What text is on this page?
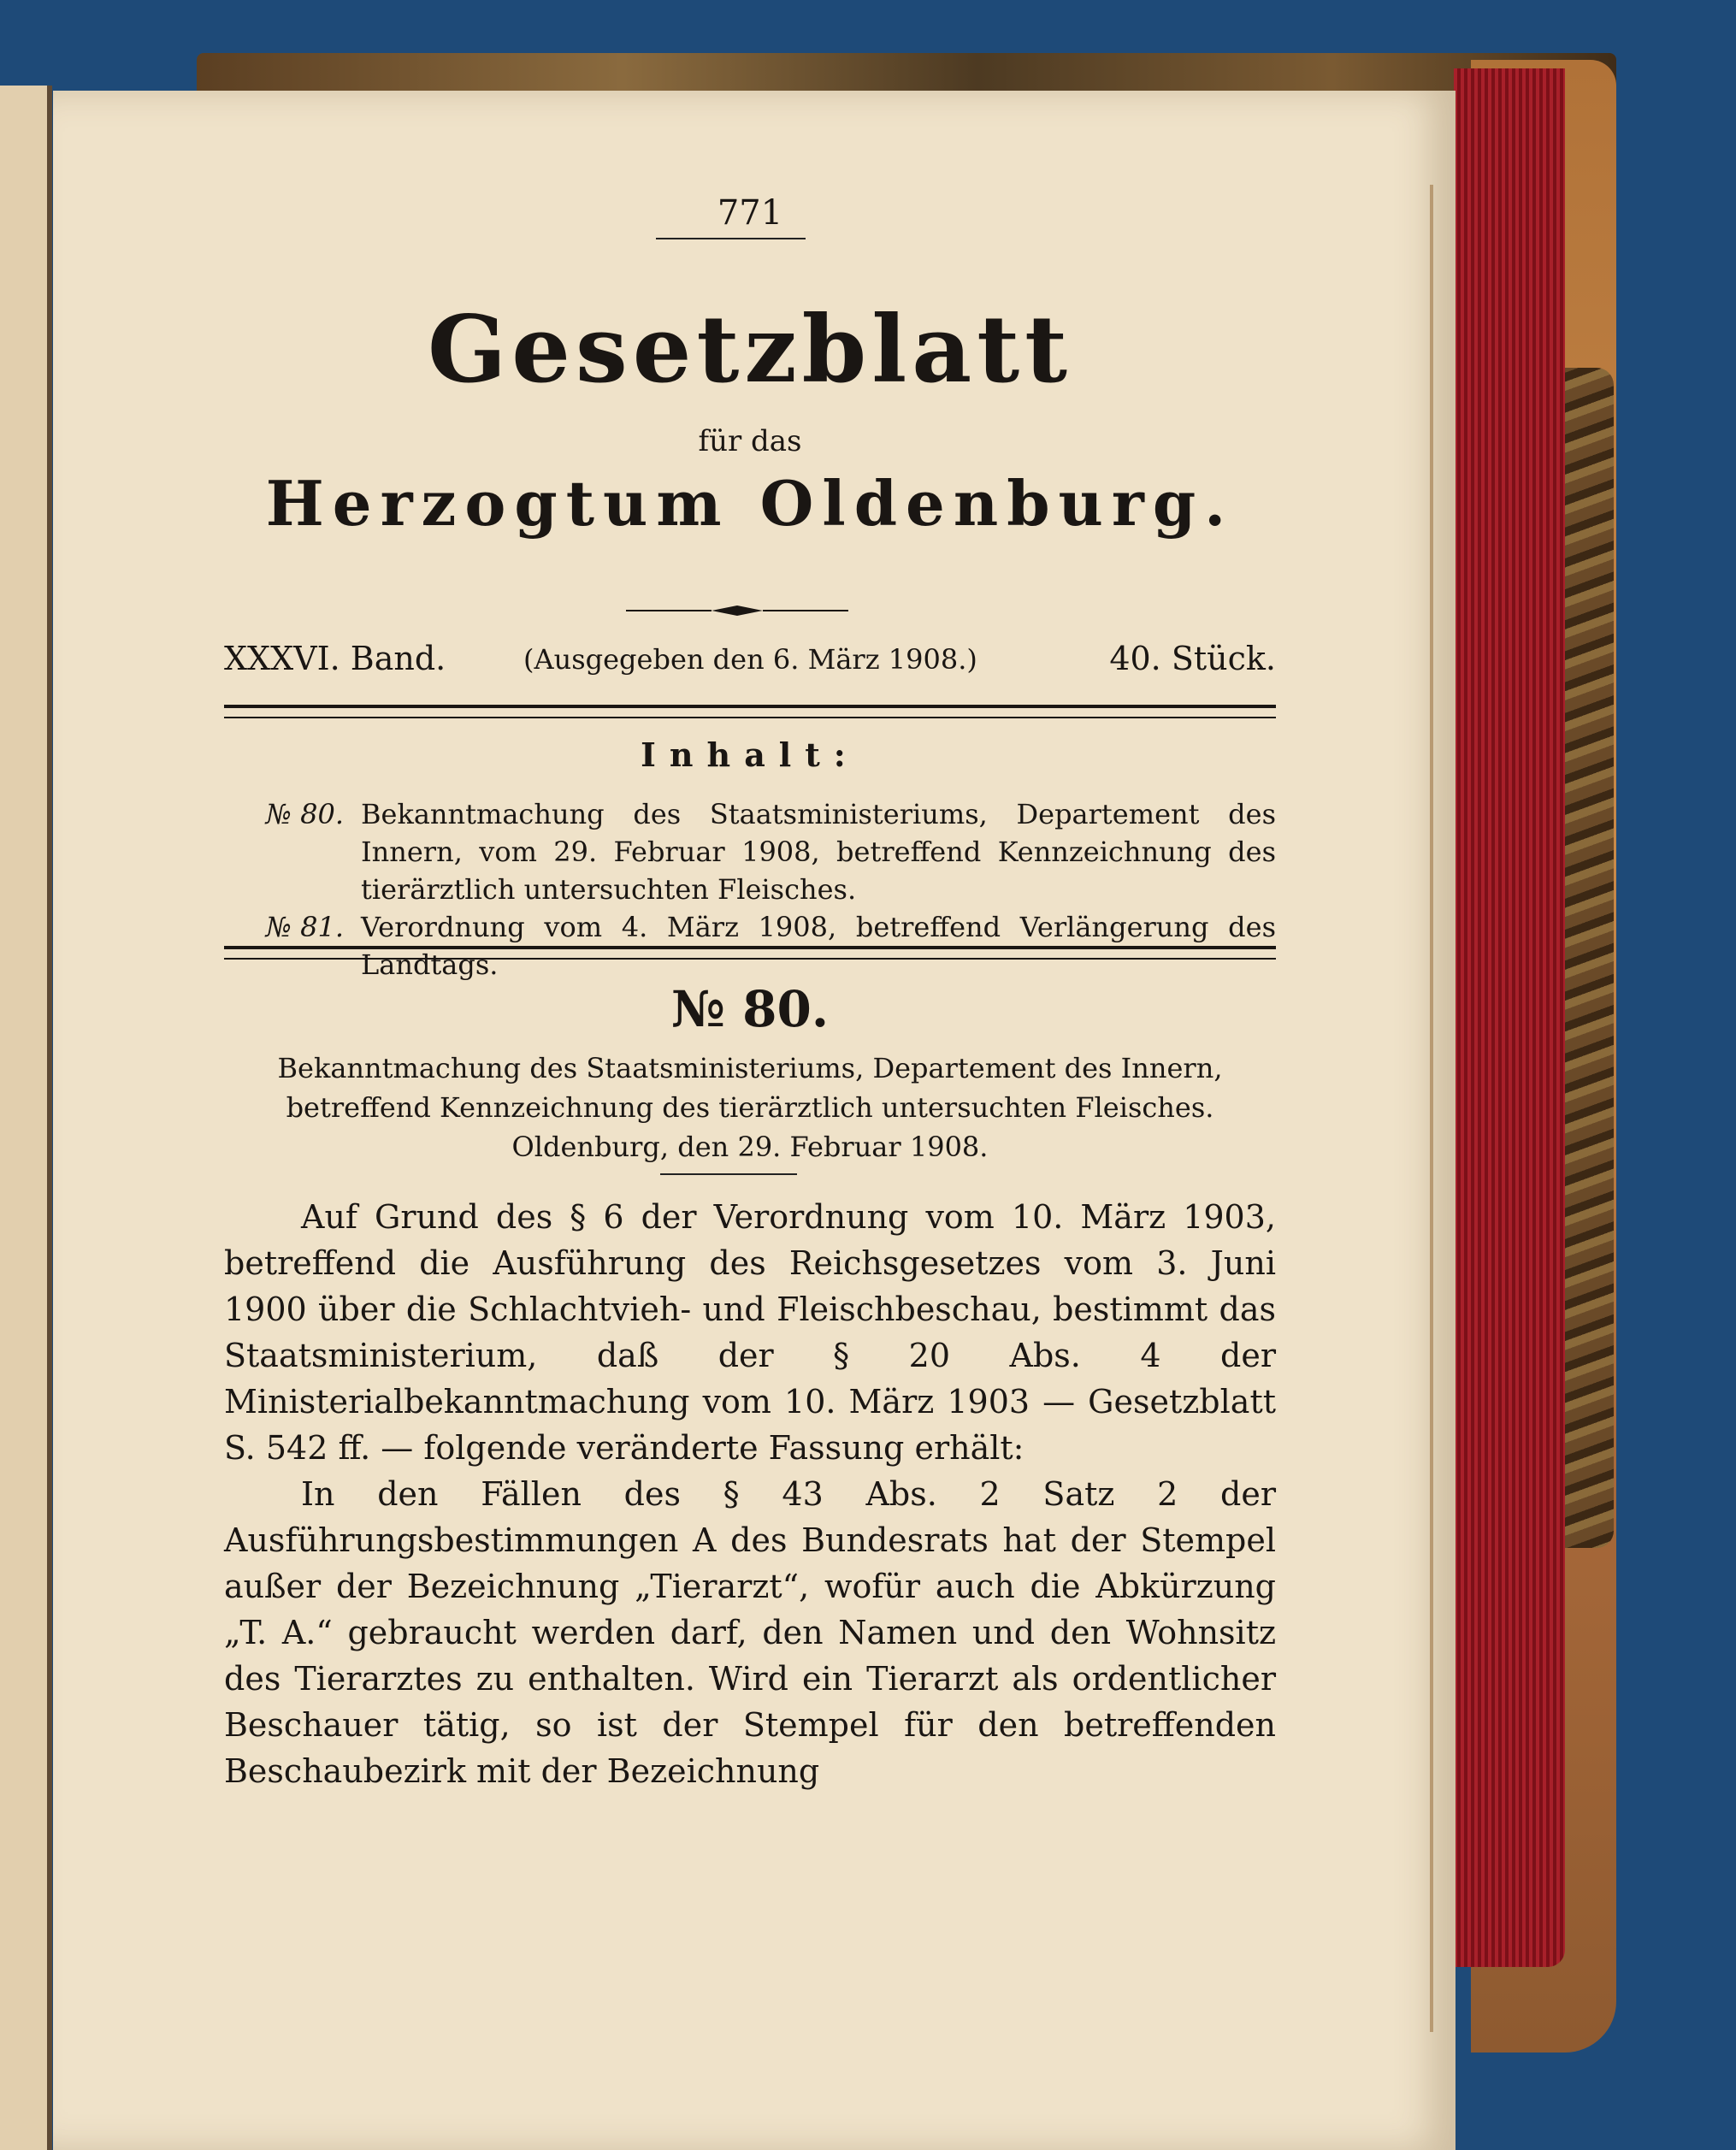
771
Gesetzblatt
für das
Herzogtum Oldenburg.
XXXVI. Band.	(Ausgegeben den 6. März 1908.)	40. Stück.
Inhalt:
№ 80. Bekanntmachung des Staatsministeriums, Departement des Innern, vom 29. Februar 1908, betreffend Kennzeichnung des tierärztlich untersuchten Fleisches.
№ 81. Verordnung vom 4. März 1908, betreffend Verlängerung des Landtags.
№ 80.
Bekanntmachung des Staatsministeriums, Departement des Innern,
betreffend Kennzeichnung des tierärztlich untersuchten Fleisches.
Oldenburg, den 29. Februar 1908.

Auf Grund des § 6 der Verordnung vom 10. März 1903, betreffend die Ausführung des Reichsgesetzes vom 3. Juni 1900 über die Schlachtvieh- und Fleischbeschau, bestimmt das Staatsministerium, daß der § 20 Abs. 4 der Ministerialbekanntmachung vom 10. März 1903 — Gesetzblatt S. 542 ff. — folgende veränderte Fassung erhält:

In den Fällen des § 43 Abs. 2 Satz 2 der Ausführungsbestimmungen A des Bundesrats hat der Stempel außer der Bezeichnung „Tierarzt“, wofür auch die Abkürzung „T. A.“ gebraucht werden darf, den Namen und den Wohnsitz des Tierarztes zu enthalten. Wird ein Tierarzt als ordentlicher Beschauer tätig, so ist der Stempel für den betreffenden Beschaubezirk mit der Bezeichnung
